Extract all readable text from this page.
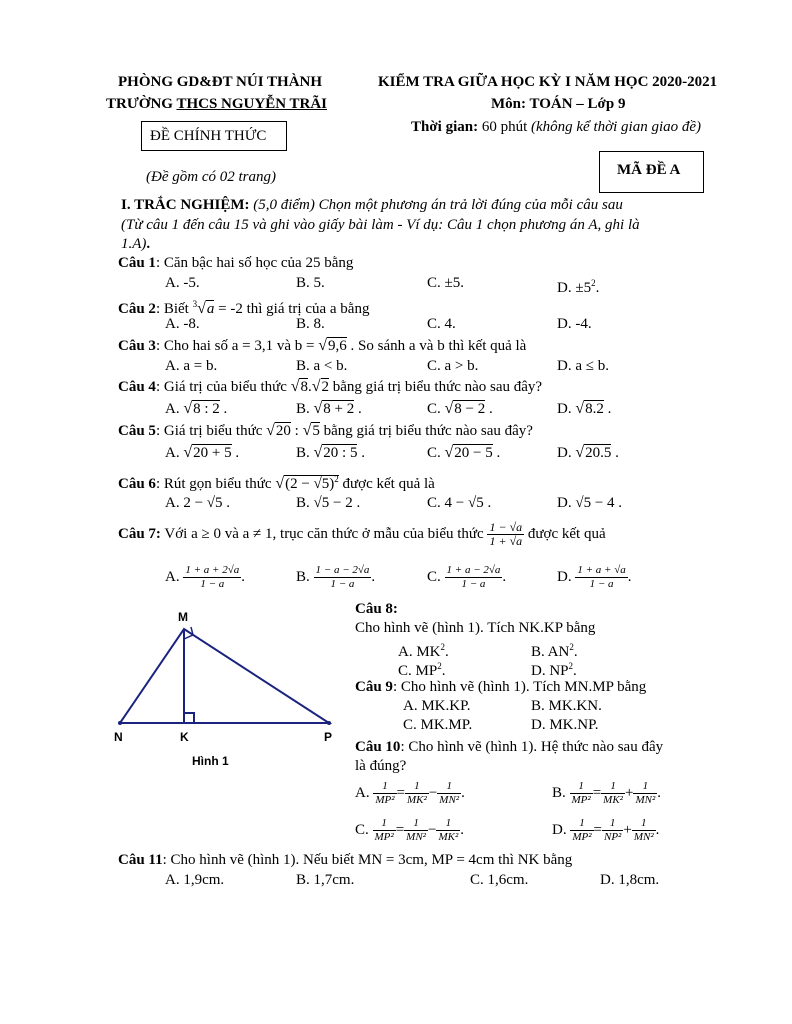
PHÒNG GD&ĐT NÚI THÀNH
TRƯỜNG THCS NGUYỄN TRÃI
ĐỀ CHÍNH THỨC
(Đề gồm có 02 trang)
KIỂM TRA GIỮA HỌC KỲ I NĂM HỌC 2020-2021
Môn: TOÁN – Lớp 9
Thời gian: 60 phút (không kể thời gian giao đề)
MÃ ĐỀ A
I. TRẮC NGHIỆM: (5,0 điểm) Chọn một phương án trả lời đúng của mỗi câu sau
(Từ câu 1 đến câu 15 và ghi vào giấy bài làm - Ví dụ: Câu 1 chọn phương án A, ghi là
1.A).
Câu 1: Căn bậc hai số học của 25 bằng
A. -5.	B. 5.	C. ±5.	D. $\pm 5^2$.
Câu 2: Biết $^3$√a = -2 thì giá trị của a bằng
A. -8.	B. 8.	C. 4.	D. -4.
Câu 3: Cho hai số a = 3,1 và b = √9,6 . So sánh a và b thì kết quả là
A. a = b.	B. a < b.	C. a > b.	D. a ≤ b.
Câu 4: Giá trị của biểu thức √8.√2 bằng giá trị biểu thức nào sau đây?
A. √8 : 2 .	B. √8 + 2 .	C. √8 − 2 .	D. √8.2 .
Câu 5: Giá trị biểu thức √20 : √5 bằng giá trị biểu thức nào sau đây?
A. √20 + 5 .	B. √20 : 5 .	C. √20 − 5 .	D. √20.5 .
Câu 6: Rút gọn biểu thức $√(2 - √5)^2$ được kết quả là
A. 2 − √5 .	B. √5 − 2 .	C. 4 − √5 .	D. √5 − 4 .
Câu 7: Với a ≥ 0 và a ≠ 1, trục căn thức ở mẫu của biểu thức $\frac{1 - √a}{1 + √a}$ được kết quả
A. $\frac{1 + a + 2√a}{1 - a}$ .	B. $\frac{1 - a - 2√a}{1 - a}$ .	C. $\frac{1 + a - 2√a}{1 - a}$ .	D. $\frac{1 + a + √a}{1 - a}$ .
M
N	K	P
Hình 1
Câu 8:
Cho hình vẽ (hình 1). Tích NK.KP bằng
A. $MK^2$.	B. $AN^2$.
C. $MP^2$.	D. $NP^2$.
Câu 9: Cho hình vẽ (hình 1). Tích MN.MP bằng
A. MK.KP.	B. MK.KN.
C. MK.MP.	D. MK.NP.
Câu 10: Cho hình vẽ (hình 1). Hệ thức nào sau đây
là đúng?
A. $\frac{1}{\text{MP²}} = \frac{1}{\text{MK²}} - \frac{1}{\text{MN²}}$ .	B. $\frac{1}{\text{MP²}} = \frac{1}{\text{MK²}} + \frac{1}{\text{MN²}}$ .
C. $\frac{1}{\text{MP²}} = \frac{1}{\text{MN²}} - \frac{1}{\text{MK²}}$ .	D. $\frac{1}{\text{MP²}} = \frac{1}{\text{NP²}} + \frac{1}{\text{MN²}}$ .
Câu 11: Cho hình vẽ (hình 1). Nếu biết MN = 3cm, MP = 4cm thì NK bằng
A. 1,9cm.	B. 1,7cm.	C. 1,6cm.	D. 1,8cm.
